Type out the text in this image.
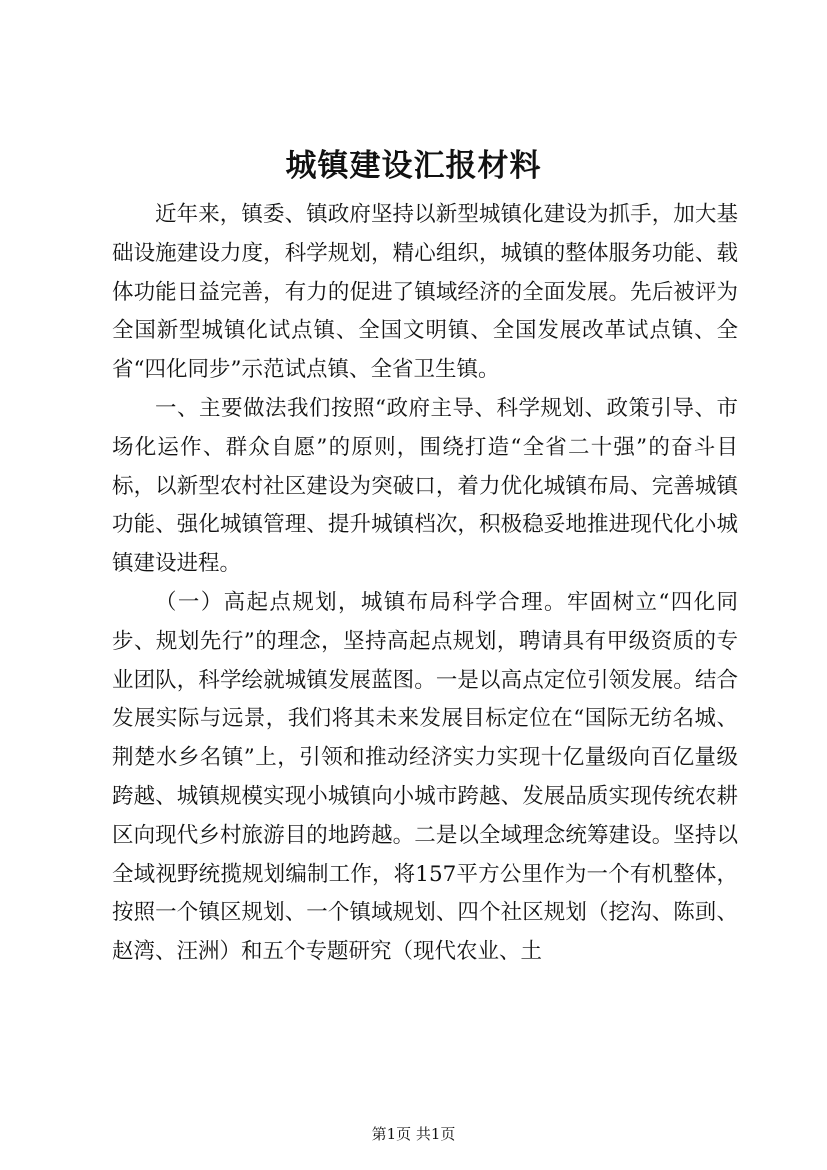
城镇建设汇报材料

近年来，镇委、镇政府坚持以新型城镇化建设为抓手，加大基础设施建设力度，科学规划，精心组织，城镇的整体服务功能、载体功能日益完善，有力的促进了镇域经济的全面发展。先后被评为全国新型城镇化试点镇、全国文明镇、全国发展改革试点镇、全省“四化同步”示范试点镇、全省卫生镇。

一、主要做法我们按照“政府主导、科学规划、政策引导、市场化运作、群众自愿”的原则，围绕打造“全省二十强”的奋斗目标，以新型农村社区建设为突破口，着力优化城镇布局、完善城镇功能、强化城镇管理、提升城镇档次，积极稳妥地推进现代化小城镇建设进程。

（一）高起点规划，城镇布局科学合理。牢固树立“四化同步、规划先行”的理念，坚持高起点规划，聘请具有甲级资质的专业团队，科学绘就城镇发展蓝图。一是以高点定位引领发展。结合发展实际与远景，我们将其未来发展目标定位在“国际无纺名城、荆楚水乡名镇”上，引领和推动经济实力实现十亿量级向百亿量级跨越、城镇规模实现小城镇向小城市跨越、发展品质实现传统农耕区向现代乡村旅游目的地跨越。二是以全域理念统筹建设。坚持以全域视野统揽规划编制工作，将157平方公里作为一个有机整体，按照一个镇区规划、一个镇域规划、四个社区规划（挖沟、陈刯、赵湾、汪洲）和五个专题研究（现代农业、土

第1页 共1页
